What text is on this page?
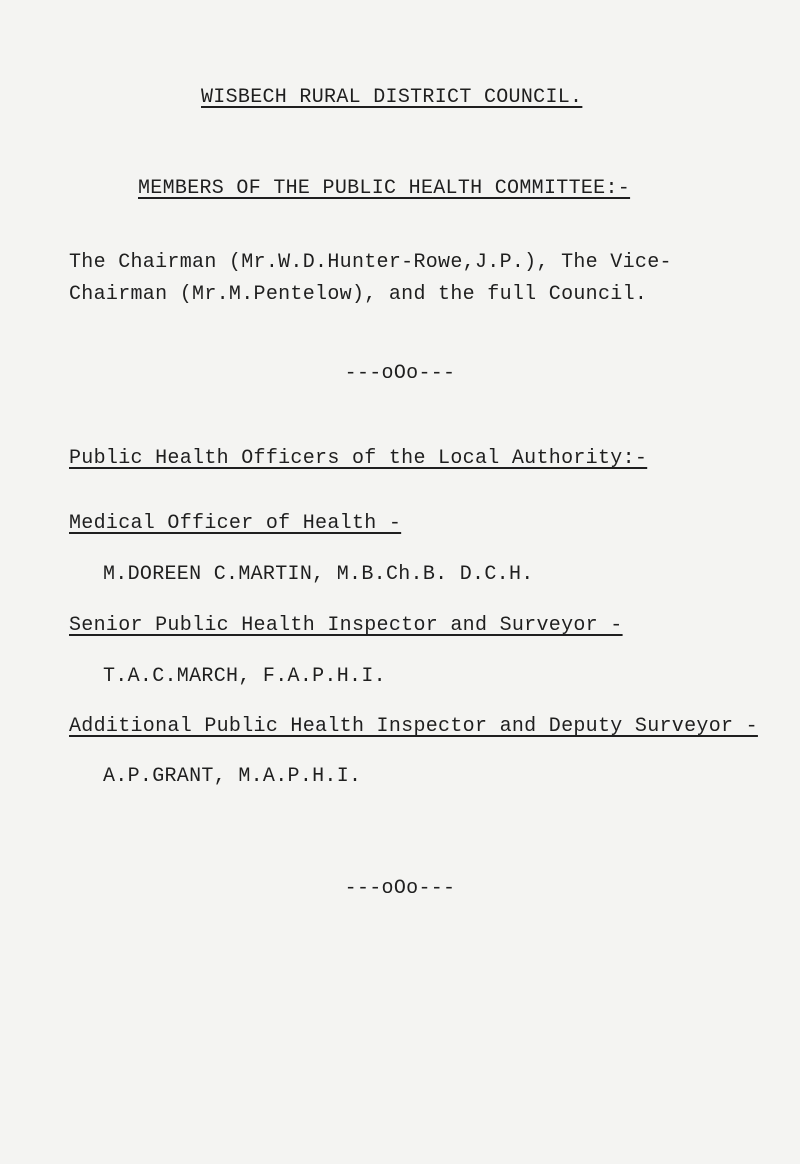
WISBECH RURAL DISTRICT COUNCIL.
MEMBERS OF THE PUBLIC HEALTH COMMITTEE:-
The Chairman (Mr.W.D.Hunter-Rowe,J.P.), The Vice-
Chairman (Mr.M.Pentelow), and the full Council.
---oOo---
Public Health Officers of the Local Authority:-
Medical Officer of Health -
M.DOREEN C.MARTIN, M.B.Ch.B. D.C.H.
Senior Public Health Inspector and Surveyor -
T.A.C.MARCH, F.A.P.H.I.
Additional Public Health Inspector and Deputy Surveyor -
A.P.GRANT, M.A.P.H.I.
---oOo---
